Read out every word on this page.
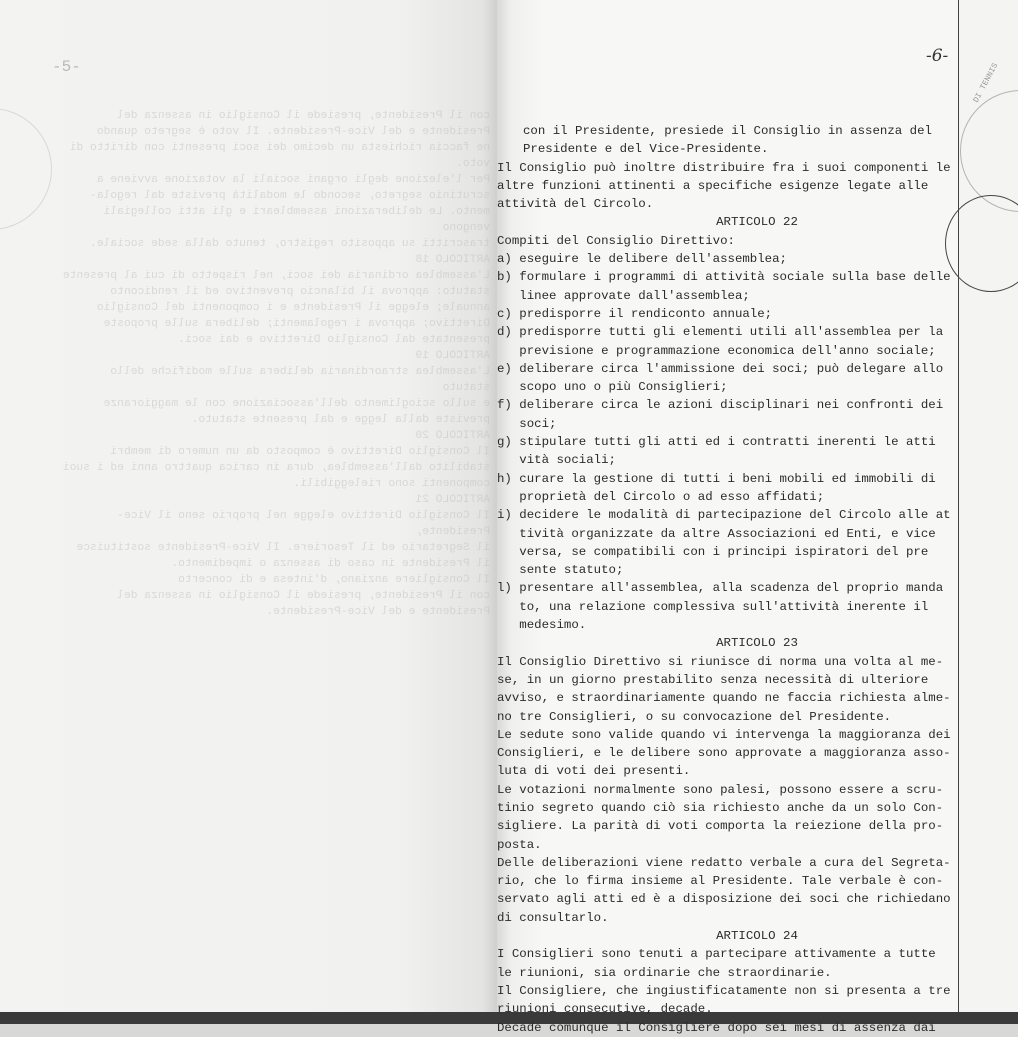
DI TENNIS
-5-
-6-

con il Presidente, presiede il Consiglio in assenza del

Presidente e del Vice-Presidente. Il voto è segreto quando

ne faccia richiesta un decimo dei soci presenti con diritto di voto.

Per l'elezione degli organi sociali la votazione avviene a

scrutinio segreto, secondo le modalità previste dal regola-

mento. Le deliberazioni assembleari e gli atti collegiali vengono

trascritti su apposito registro, tenuto dalla sede sociale.

ARTICOLO 18

L'assemblea ordinaria dei soci, nel rispetto di cui al presente

statuto: approva il bilancio preventivo ed il rendiconto

annuale; elegge il Presidente e i componenti del Consiglio

Direttivo; approva i regolamenti; delibera sulle proposte

presentate dal Consiglio Direttivo e dai soci.

ARTICOLO 19

L'assemblea straordinaria delibera sulle modifiche dello statuto

e sullo scioglimento dell'associazione con le maggioranze

previste dalla legge e dal presente statuto.

ARTICOLO 20

Il Consiglio Direttivo è composto da un numero di membri

stabilito dall'assemblea, dura in carica quattro anni ed i suoi

componenti sono rieleggibili.

ARTICOLO 21

Il Consiglio Direttivo elegge nel proprio seno il Vice-Presidente,

il Segretario ed il Tesoriere. Il Vice-Presidente sostituisce

il Presidente in caso di assenza o impedimento.

Il Consigliere anziano, d'intesa e di concerto

con il Presidente, presiede il Consiglio in assenza del

Presidente e del Vice-Presidente.

con il Presidente, presiede il Consiglio in assenza del

Presidente e del Vice-Presidente.

Il Consiglio può inoltre distribuire fra i suoi componenti le

altre funzioni attinenti a specifiche esigenze legate alle

attività del Circolo.

ARTICOLO 22

Compiti del Consiglio Direttivo:

a) eseguire le delibere dell'assemblea;

b) formulare i programmi di attività sociale sulla base delle

linee approvate dall'assemblea;

c) predisporre il rendiconto annuale;

d) predisporre tutti gli elementi utili all'assemblea per la

previsione e programmazione economica dell'anno sociale;

e) deliberare circa l'ammissione dei soci; può delegare allo

scopo uno o più Consiglieri;

f) deliberare circa le azioni disciplinari nei confronti dei

soci;

g) stipulare tutti gli atti ed i contratti inerenti le atti

vità sociali;

h) curare la gestione di tutti i beni mobili ed immobili di

proprietà del Circolo o ad esso affidati;

i) decidere le modalità di partecipazione del Circolo alle at

tività organizzate da altre Associazioni ed Enti, e vice

versa, se compatibili con i principi ispiratori del pre

sente statuto;

l) presentare all'assemblea, alla scadenza del proprio manda

to, una relazione complessiva sull'attività inerente il

medesimo.

ARTICOLO 23

Il Consiglio Direttivo si riunisce di norma una volta al me-

se, in un giorno prestabilito senza necessità di ulteriore

avviso, e straordinariamente quando ne faccia richiesta alme-

no tre Consiglieri, o su convocazione del Presidente.

Le sedute sono valide quando vi intervenga la maggioranza dei

Consiglieri, e le delibere sono approvate a maggioranza asso-

luta di voti dei presenti.

Le votazioni normalmente sono palesi, possono essere a scru-

tinio segreto quando ciò sia richiesto anche da un solo Con-

sigliere. La parità di voti comporta la reiezione della pro-

posta.

Delle deliberazioni viene redatto verbale a cura del Segreta-

rio, che lo firma insieme al Presidente. Tale verbale è con-

servato agli atti ed è a disposizione dei soci che richiedano

di consultarlo.

ARTICOLO 24

I Consiglieri sono tenuti a partecipare attivamente a tutte

le riunioni, sia ordinarie che straordinarie.

Il Consigliere, che ingiustificatamente non si presenta a tre

riunioni consecutive, decade.

Decade comunque il Consigliere dopo sei mesi di assenza dai
